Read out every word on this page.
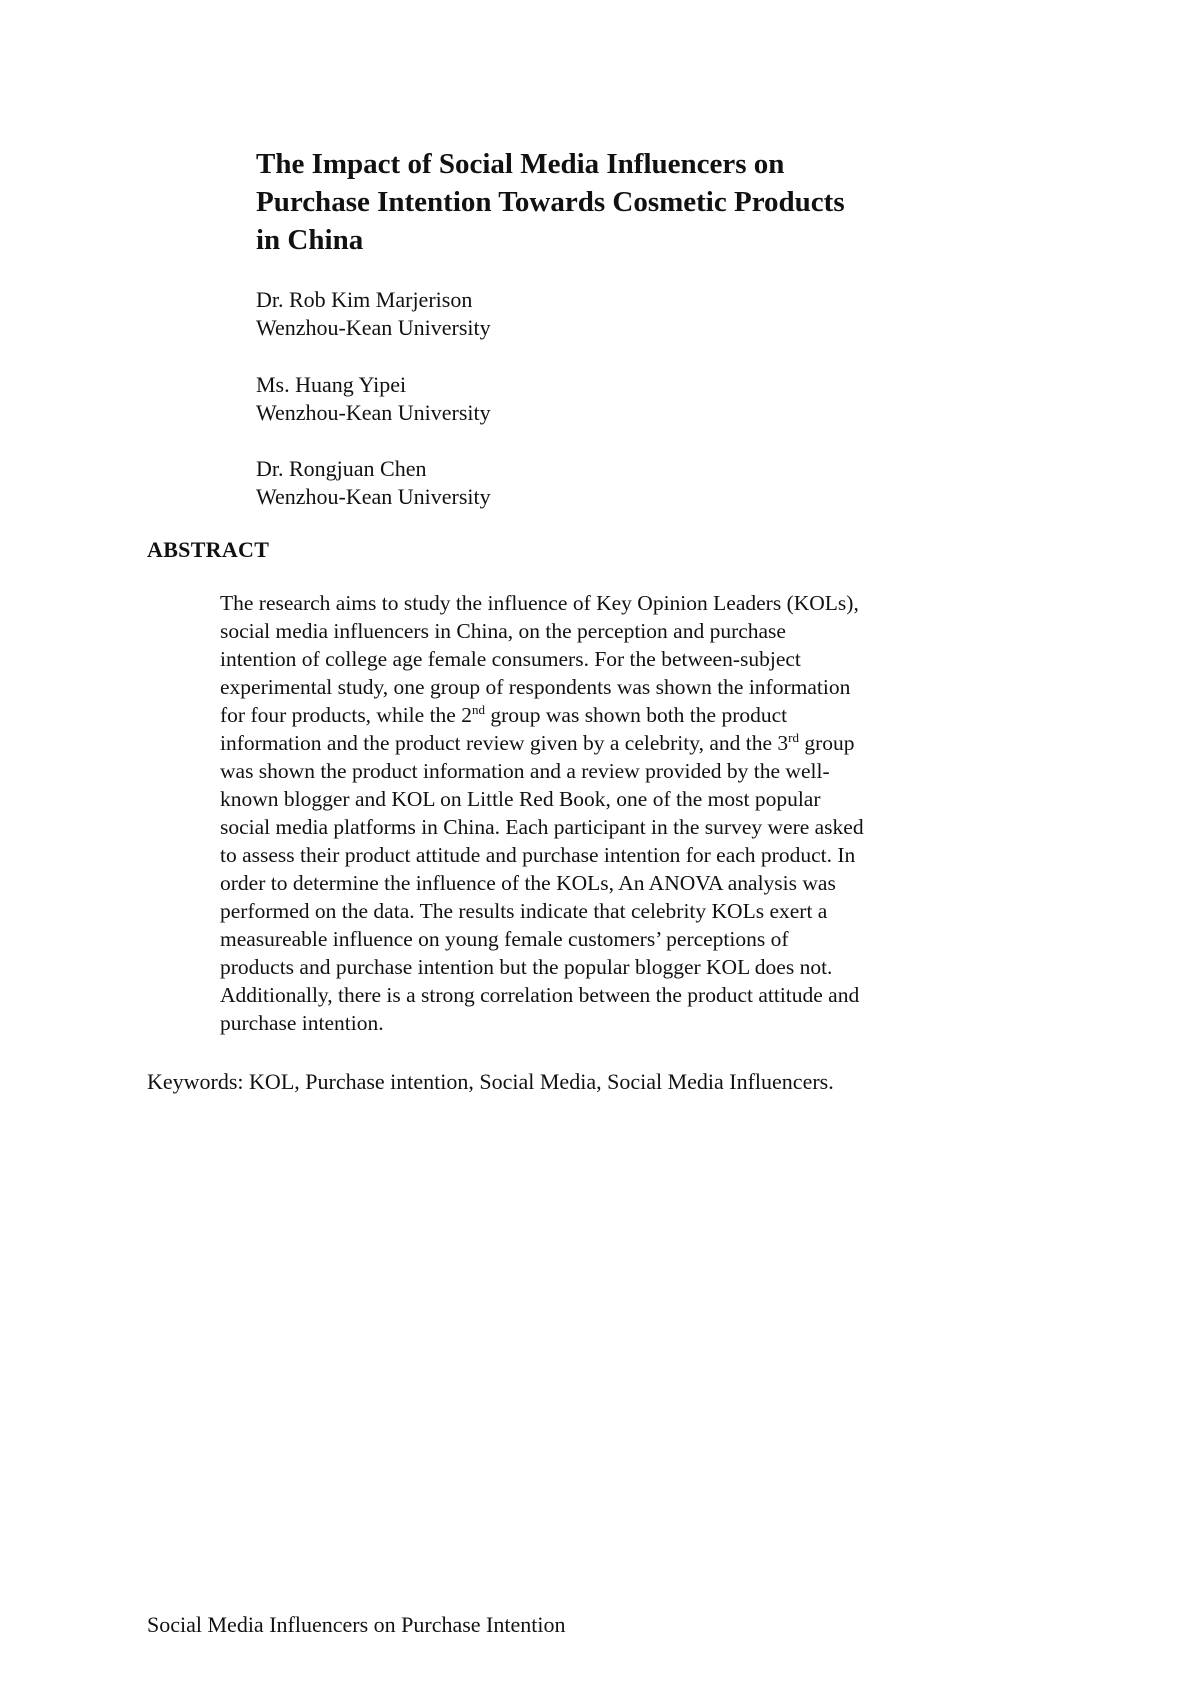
The Impact of Social Media Influencers on
Purchase Intention Towards Cosmetic Products
in China
Dr. Rob Kim Marjerison
Wenzhou-Kean University
Ms. Huang Yipei
Wenzhou-Kean University
Dr. Rongjuan Chen
Wenzhou-Kean University
ABSTRACT
The research aims to study the influence of Key Opinion Leaders (KOLs),
social media influencers in China, on the perception and purchase
intention of college age female consumers. For the between-subject
experimental study, one group of respondents was shown the information
for four products, while the 2nd group was shown both the product
information and the product review given by a celebrity, and the 3rd group
was shown the product information and a review provided by the well-
known blogger and KOL on Little Red Book, one of the most popular
social media platforms in China. Each participant in the survey were asked
to assess their product attitude and purchase intention for each product. In
order to determine the influence of the KOLs, An ANOVA analysis was
performed on the data. The results indicate that celebrity KOLs exert a
measureable influence on young female customers’ perceptions of
products and purchase intention but the popular blogger KOL does not.
Additionally, there is a strong correlation between the product attitude and
purchase intention.

Keywords: KOL, Purchase intention, Social Media, Social Media Influencers.

Social Media Influencers on Purchase Intention
